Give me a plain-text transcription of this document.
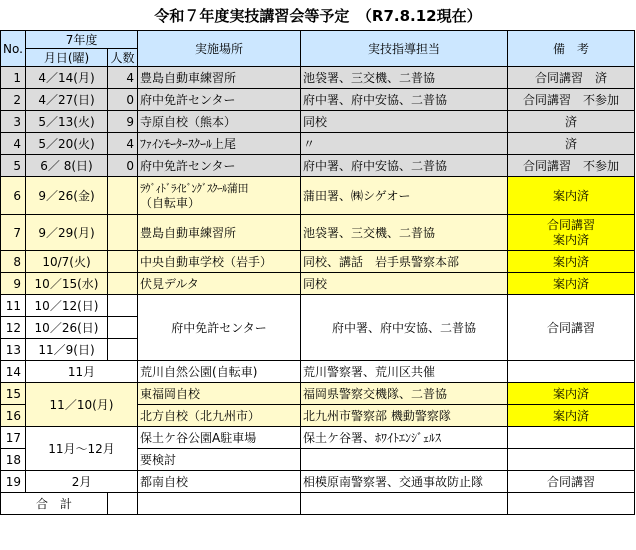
令和７年度実技講習会等予定　（R7.8.12現在）
No.	7年度		実施場所	実技指導担当	備　考
	月日(曜)	人数			
1	4／14(月)	4	豊島自動車練習所	池袋署、三交機、二普協	合同講習　済
2	4／27(日)	0	府中免許センター	府中署、府中安協、二普協	合同講習　不参加
3	5／13(火)	9	寺原自校（熊本）	同校	済
4	5／20(火)	4	ﾌｧｲﾝﾓｰﾀｰｽｸｰﾙ上尾	〃	済
5	6／ 8(日)	0	府中免許センター	府中署、府中安協、二普協	合同講習　不参加
6	9／26(金)		ﾗｳﾞｨﾄﾞﾗｲﾋﾞﾝｸﾞｽｸｰﾙ蒲田
（自転車）	蒲田署、㈱シゲオー	案内済
7	9／29(月)		豊島自動車練習所	池袋署、三交機、二普協	合同講習
案内済

8	10/7(火)		中央自動車学校（岩手）	同校、講話　岩手県警察本部	案内済
9	10／15(水)		伏見デルタ	同校	案内済
11	10／12(日)		府中免許センター	府中署、府中安協、二普協	合同講習
12	10／26(日)				
13	11／9(日)				
14	11月		荒川自然公園(自転車)	荒川警察署、荒川区共催	
15	11／10(月)		東福岡自校	福岡県警察交機隊、二普協	案内済
16			北方自校（北九州市）	北九州市警察部 機動警察隊	案内済
17	11月～12月		保土ケ谷公園A駐車場	保土ケ谷署、ﾎﾜｲﾄｴﾝｼﾞｪﾙｽ	
18			要検討		
19	2月		都南自校	相模原南警察署、交通事故防止隊	合同講習
合　計					
